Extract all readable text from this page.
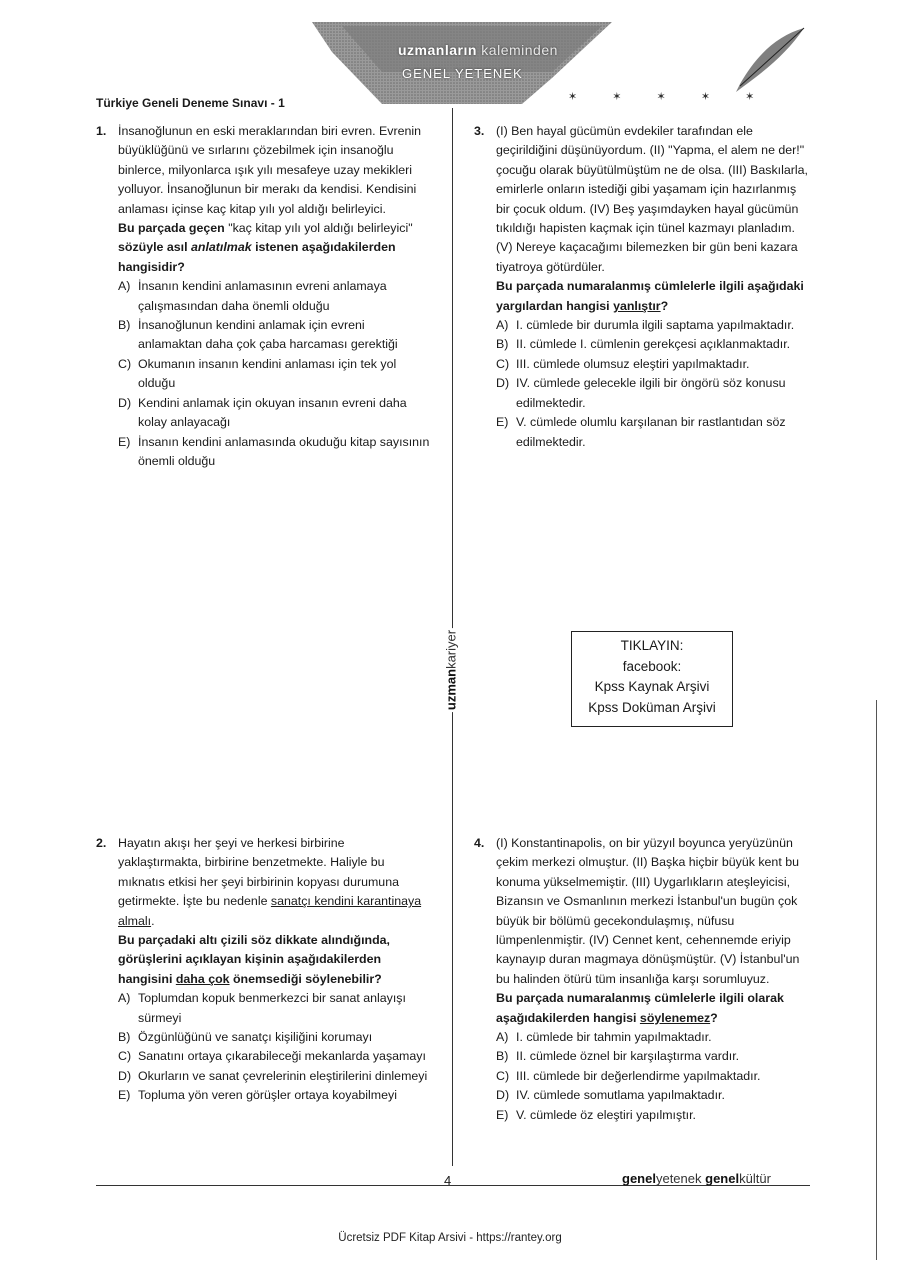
uzmanların kaleminden
GENEL YETENEK
Türkiye Geneli Deneme Sınavı - 1	✶ ✶ ✶ ✶ ✶
uzmankariyer
1. İnsanoğlunun en eski meraklarından biri evren. Evrenin büyüklüğünü ve sırlarını çözebilmek için insanoğlu binlerce, milyonlarca ışık yılı mesafeye uzay mekikleri yolluyor. İnsanoğlunun bir merakı da kendisi. Kendisini anlaması içinse kaç kitap yılı yol aldığı belirleyici.
Bu parçada geçen "kaç kitap yılı yol aldığı belirleyici" sözüyle asıl anlatılmak istenen aşağıdakilerden hangisidir?
A) İnsanın kendini anlamasının evreni anlamaya çalışmasından daha önemli olduğu
B) İnsanoğlunun kendini anlamak için evreni anlamaktan daha çok çaba harcaması gerektiği
C) Okumanın insanın kendini anlaması için tek yol olduğu
D) Kendini anlamak için okuyan insanın evreni daha kolay anlayacağı
E) İnsanın kendini anlamasında okuduğu kitap sayısının önemli olduğu
3. (I) Ben hayal gücümün evdekiler tarafından ele geçirildiğini düşünüyordum. (II) "Yapma, el alem ne der!" çocuğu olarak büyütülmüştüm ne de olsa. (III) Baskılarla, emirlerle onların istediği gibi yaşamam için hazırlanmış bir çocuk oldum. (IV) Beş yaşımdayken hayal gücümün tıkıldığı hapisten kaçmak için tünel kazmayı planladım. (V) Nereye kaçacağımı bilemezken bir gün beni kazara tiyatroya götürdüler.
Bu parçada numaralanmış cümlelerle ilgili aşağıdaki yargılardan hangisi yanlıştır?
A) I. cümlede bir durumla ilgili saptama yapılmaktadır.
B) II. cümlede I. cümlenin gerekçesi açıklanmaktadır.
C) III. cümlede olumsuz eleştiri yapılmaktadır.
D) IV. cümlede gelecekle ilgili bir öngörü söz konusu edilmektedir.
E) V. cümlede olumlu karşılanan bir rastlantıdan söz edilmektedir.
TIKLAYIN:
facebook:
Kpss Kaynak Arşivi
Kpss Doküman Arşivi
2. Hayatın akışı her şeyi ve herkesi birbirine yaklaştırmakta, birbirine benzetmekte. Haliyle bu mıknatıs etkisi her şeyi birbirinin kopyası durumuna getirmekte. İşte bu nedenle sanatçı kendini karantinaya almalı.
Bu parçadaki altı çizili söz dikkate alındığında, görüşlerini açıklayan kişinin aşağıdakilerden hangisini daha çok önemsediği söylenebilir?
A) Toplumdan kopuk benmerkezci bir sanat anlayışı sürmeyi
B) Özgünlüğünü ve sanatçı kişiliğini korumayı
C) Sanatını ortaya çıkarabileceği mekanlarda yaşamayı
D) Okurların ve sanat çevrelerinin eleştirilerini dinlemeyi
E) Topluma yön veren görüşler ortaya koyabilmeyi
4. (I) Konstantinapolis, on bir yüzyıl boyunca yeryüzünün çekim merkezi olmuştur. (II) Başka hiçbir büyük kent bu konuma yükselmemiştir. (III) Uygarlıkların ateşleyicisi, Bizansın ve Osmanlının merkezi İstanbul'un bugün çok büyük bir bölümü gecekondulaşmış, nüfusu lümpenlenmiştir. (IV) Cennet kent, cehennemde eriyip kaynayıp duran magmaya dönüşmüştür. (V) İstanbul'un bu halinden ötürü tüm insanlığa karşı sorumluyuz.
Bu parçada numaralanmış cümlelerle ilgili olarak aşağıdakilerden hangisi söylenemez?
A) I. cümlede bir tahmin yapılmaktadır.
B) II. cümlede öznel bir karşılaştırma vardır.
C) III. cümlede bir değerlendirme yapılmaktadır.
D) IV. cümlede somutlama yapılmaktadır.
E) V. cümlede öz eleştiri yapılmıştır.
4	genelyetenek genelkültür
Ücretsiz PDF Kitap Arsivi - https://rantey.org
